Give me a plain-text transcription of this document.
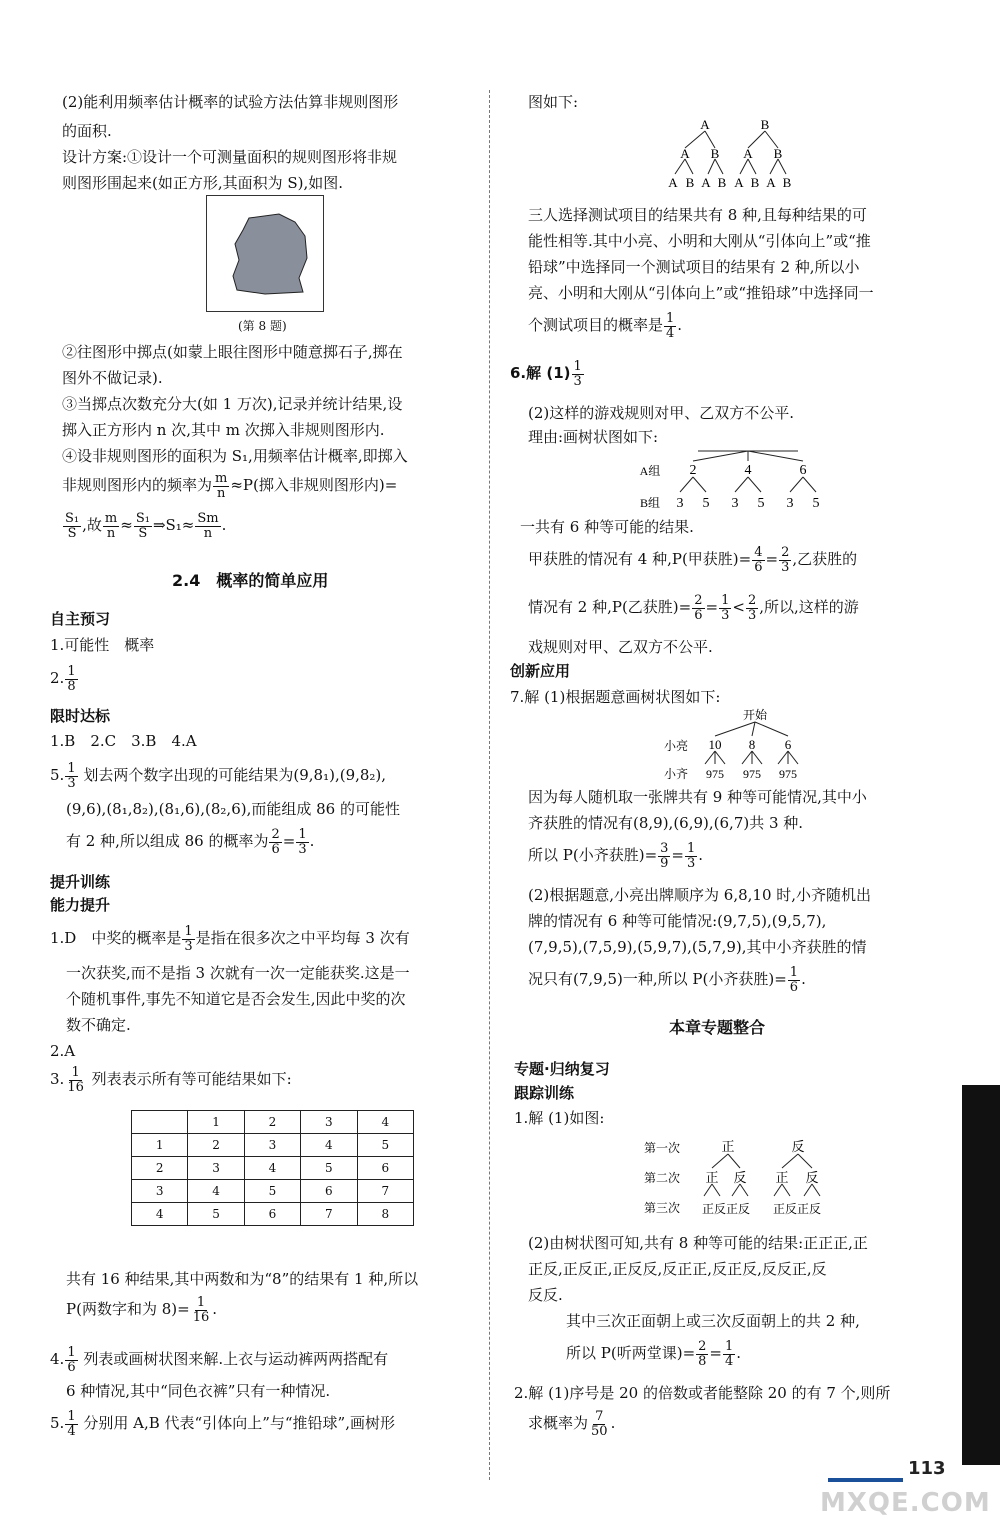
(2)能利用频率估计概率的试验方法估算非规则图形
的面积.
设计方案:①设计一个可测量面积的规则图形将非规
则图形围起来(如正方形,其面积为 S),如图.
(第 8 题)
②往图形中掷点(如蒙上眼往图形中随意掷石子,掷在
图外不做记录).
③当掷点次数充分大(如 1 万次),记录并统计结果,设
掷入正方形内 n 次,其中 m 次掷入非规则图形内.
④设非规则图形的面积为 S₁,用频率估计概率,即掷入
非规则图形内的频率为 $\frac{m}{n} \approx P$(掷入非规则图形内)=
$\frac{\text{S₁}}{S}$ ,故 $\frac{m}{n} \approx \frac{\text{S₁}}{S}$ ⇒S₁≈ $\frac{Sm}{n}$ .
2.4　概率的简单应用
自主预习
1.可能性　概率
2. $\frac{1}{8}$
限时达标
1.B　2.C　3.B　4.A
5. $\frac{1}{3}$ 划去两个数字出现的可能结果为(9,8₁),(9,8₂),
(9,6),(8₁,8₂),(8₁,6),(8₂,6),而能组成 86 的可能性
有 2 种,所以组成 86 的概率为 $\frac{2}{6} = \frac{1}{3}$ .
提升训练
能力提升
1.D　中奖的概率是 $\frac{1}{3}$ 是指在很多次之中平均每 3 次有
一次获奖,而不是指 3 次就有一次一定能获奖.这是一
个随机事件,事先不知道它是否会发生,因此中奖的次
数不确定.
2.A
3. $\frac{1}{16}$ 列表表示所有等可能结果如下:
	1	2	3	4
1	2	3	4	5
2	3	4	5	6
3	4	5	6	7
4	5	6	7	8
共有 16 种结果,其中两数和为“8”的结果有 1 种,所以
P(两数字和为 $8)= \frac{1}{16}$ .
4. $\frac{1}{6}$ 列表或画树状图来解.上衣与运动裤两两搭配有
6 种情况,其中“同色衣裤”只有一种情况.
5. $\frac{1}{4}$ 分别用 A,B 代表“引体向上”与“推铅球”,画树形
图如下:
A	B
A B A B
A B A B A B A B
三人选择测试项目的结果共有 8 种,且每种结果的可
能性相等.其中小亮、小明和大刚从“引体向上”或“推
铅球”中选择同一个测试项目的结果有 2 种,所以小
亮、小明和大刚从“引体向上”或“推铅球”中选择同一
个测试项目的概率是 $\frac{1}{4}$ .
6.解 $(1) \frac{1}{3}$
(2)这样的游戏规则对甲、乙双方不公平.
理由:画树状图如下:
A组
B组
2	4	6
3 5 3 5 3 5
一共有 6 种等可能的结果.
甲获胜的情况有 4 种,P(甲获胜)= $\frac{4}{6} = \frac{2}{3}$ ,乙获胜的
情况有 2 种,P(乙获胜)= $\frac{2}{6} = \frac{1}{3} < \frac{2}{3}$ ,所以,这样的游
戏规则对甲、乙双方不公平.
创新应用
7.解 (1)根据题意画树状图如下:
开始
小亮
小齐
10 8 6
975 975 975
因为每人随机取一张牌共有 9 种等可能情况,其中小
齐获胜的情况有(8,9),(6,9),(6,7)共 3 种.
所以 P(小齐获胜)= $\frac{3}{9} = \frac{1}{3}$ .
(2)根据题意,小亮出牌顺序为 6,8,10 时,小齐随机出
牌的情况有 6 种等可能情况:(9,7,5),(9,5,7),
(7,9,5),(7,5,9),(5,9,7),(5,7,9),其中小齐获胜的情
况只有(7,9,5)一种,所以 P(小齐获胜)= $\frac{1}{6}$ .
本章专题整合
专题·归纳复习
跟踪训练
1.解 (1)如图:
第一次
第二次
第三次
正	反
正 反 正 反
正反正反 正反正反
(2)由树状图可知,共有 8 种等可能的结果:正正正,正
正反,正反正,正反反,反正正,反正反,反反正,反
反反.
其中三次正面朝上或三次反面朝上的共 2 种,
所以 P(听两堂课)= $\frac{2}{8} = \frac{1}{4}$ .
2.解 (1)序号是 20 的倍数或者能整除 20 的有 7 个,则所
求概率为 $\frac{7}{50}$ .
113
MXQE.COM
